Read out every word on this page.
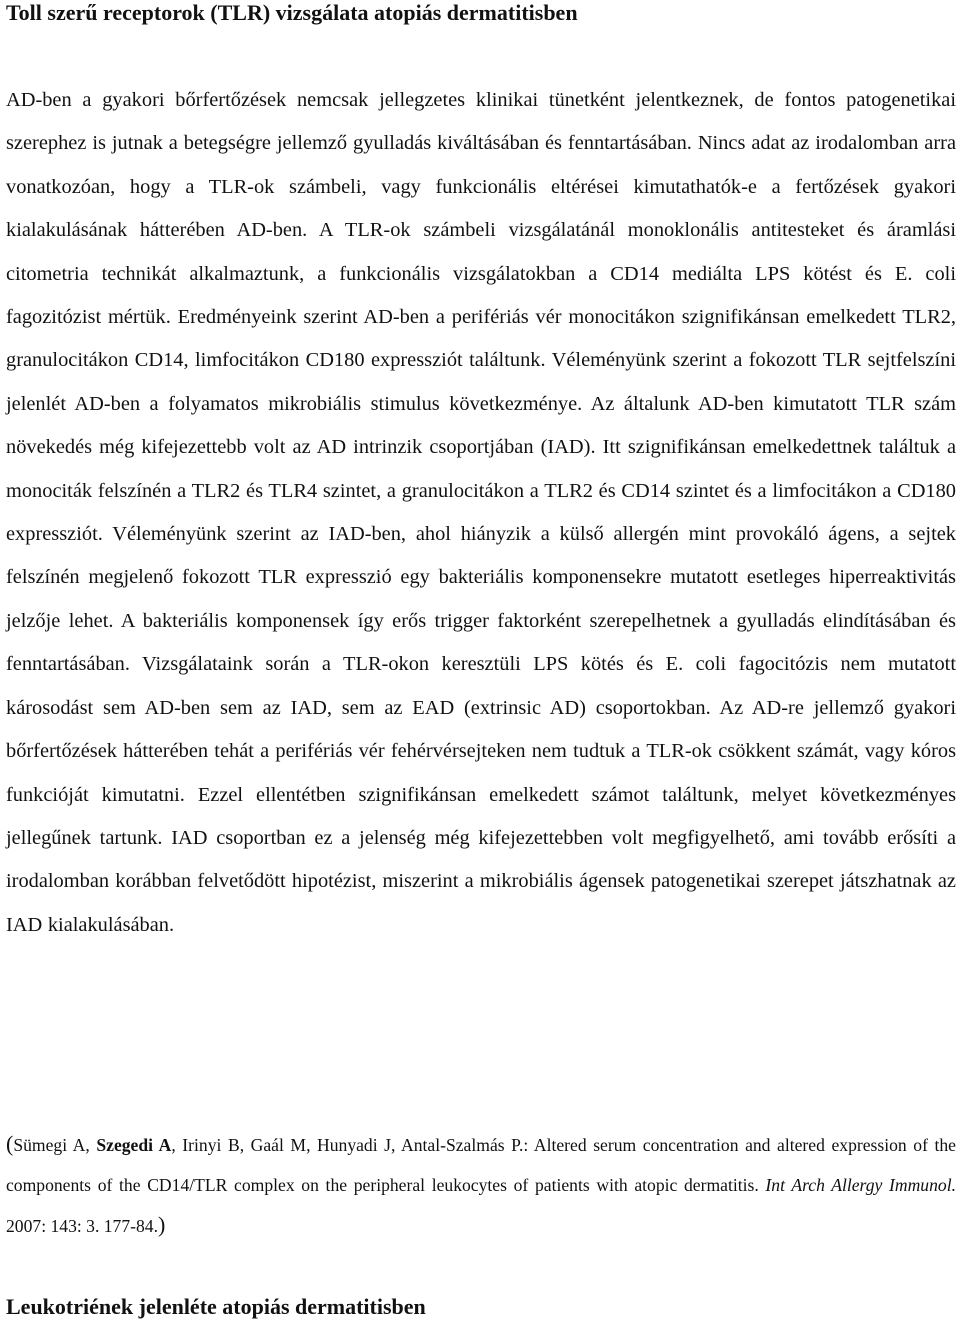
Toll szerű receptorok (TLR) vizsgálata atopiás dermatitisben

AD-ben a gyakori bőrfertőzések nemcsak jellegzetes klinikai tünetként jelentkeznek, de fontos patogenetikai szerephez is jutnak a betegségre jellemző gyulladás kiváltásában és fenntartásában. Nincs adat az irodalomban arra vonatkozóan, hogy a TLR-ok számbeli, vagy funkcionális eltérései kimutathatók-e a fertőzések gyakori kialakulásának hátterében AD-ben. A TLR-ok számbeli vizsgálatánál monoklonális antitesteket és áramlási citometria technikát alkalmaztunk, a funkcionális vizsgálatokban a CD14 mediálta LPS kötést és E. coli fagozitózist mértük. Eredményeink szerint AD-ben a perifériás vér monocitákon szignifikánsan emelkedett TLR2, granulocitákon CD14, limfocitákon CD180 expressziót találtunk. Véleményünk szerint a fokozott TLR sejtfelszíni jelenlét AD-ben a folyamatos mikrobiális stimulus következménye. Az általunk AD-ben kimutatott TLR szám növekedés még kifejezettebb volt az AD intrinzik csoportjában (IAD). Itt szignifikánsan emelkedettnek találtuk a monociták felszínén a TLR2 és TLR4 szintet, a granulocitákon a TLR2 és CD14 szintet és a limfocitákon a CD180 expressziót. Véleményünk szerint az IAD-ben, ahol hiányzik a külső allergén mint provokáló ágens, a sejtek felszínén megjelenő fokozott TLR expresszió egy bakteriális komponensekre mutatott esetleges hiperreaktivitás jelzője lehet. A bakteriális komponensek így erős trigger faktorként szerepelhetnek a gyulladás elindításában és fenntartásában. Vizsgálataink során a TLR-okon keresztüli LPS kötés és E. coli fagocitózis nem mutatott károsodást sem AD-ben sem az IAD, sem az EAD (extrinsic AD) csoportokban. Az AD-re jellemző gyakori bőrfertőzések hátterében tehát a perifériás vér fehérvérsejteken nem tudtuk a TLR-ok csökkent számát, vagy kóros funkcióját kimutatni. Ezzel ellentétben szignifikánsan emelkedett számot találtunk, melyet következményes jellegűnek tartunk. IAD csoportban ez a jelenség még kifejezettebben volt megfigyelhető, ami tovább erősíti a irodalomban korábban felvetődött hipotézist, miszerint a mikrobiális ágensek patogenetikai szerepet játszhatnak az IAD kialakulásában.

(Sümegi A, Szegedi A, Irinyi B, Gaál M, Hunyadi J, Antal-Szalmás P.: Altered serum concentration and altered expression of the components of the CD14/TLR complex on the peripheral leukocytes of patients with atopic dermatitis. Int Arch Allergy Immunol. 2007: 143: 3. 177-84.)

Leukotriének jelenléte atopiás dermatitisben
